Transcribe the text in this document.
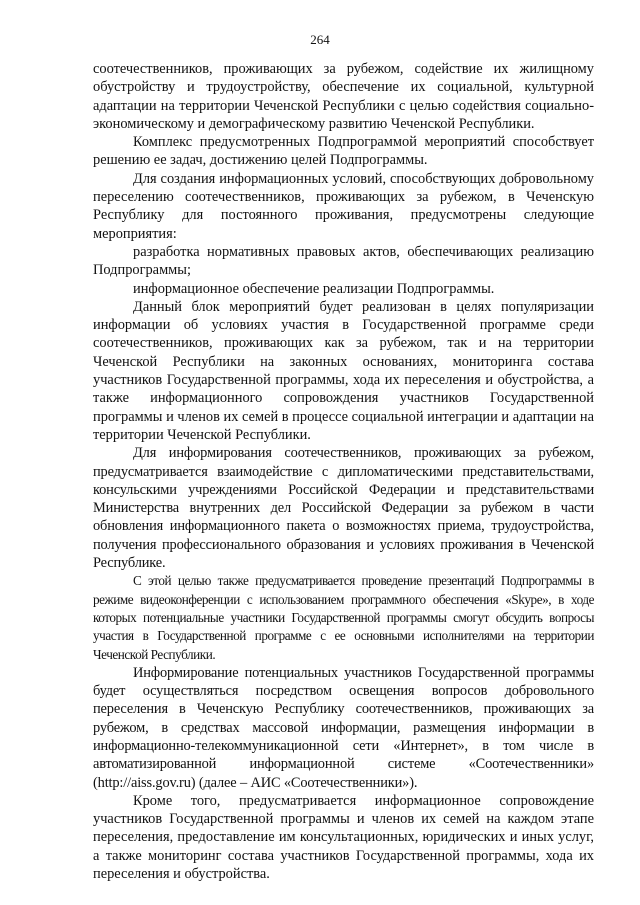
264

соотечественников, проживающих за рубежом, содействие их жилищному обустройству и трудоустройству, обеспечение их социальной, культурной адаптации на территории Чеченской Республики с целью содействия социально-экономическому и демографическому развитию Чеченской Республики.

Комплекс предусмотренных Подпрограммой мероприятий способствует решению ее задач, достижению целей Подпрограммы.

Для создания информационных условий, способствующих добровольному переселению соотечественников, проживающих за рубежом, в Чеченскую Республику для постоянного проживания, предусмотрены следующие мероприятия:

разработка нормативных правовых актов, обеспечивающих реализацию Подпрограммы;

информационное обеспечение реализации Подпрограммы.

Данный блок мероприятий будет реализован в целях популяризации информации об условиях участия в Государственной программе среди соотечественников, проживающих как за рубежом, так и на территории Чеченской Республики на законных основаниях, мониторинга состава участников Государственной программы, хода их переселения и обустройства, а также информационного сопровождения участников Государственной программы и членов их семей в процессе социальной интеграции и адаптации на территории Чеченской Республики.

Для информирования соотечественников, проживающих за рубежом, предусматривается взаимодействие с дипломатическими представительствами, консульскими учреждениями Российской Федерации и представительствами Министерства внутренних дел Российской Федерации за рубежом в части обновления информационного пакета о возможностях приема, трудоустройства, получения профессионального образования и условиях проживания в Чеченской Республике.

С этой целью также предусматривается проведение презентаций Подпрограммы в режиме видеоконференции с использованием программного обеспечения «Skype», в ходе которых потенциальные участники Государственной программы смогут обсудить вопросы участия в Государственной программе с ее основными исполнителями на территории Чеченской Республики.

Информирование потенциальных участников Государственной программы будет осуществляться посредством освещения вопросов добровольного переселения в Чеченскую Республику соотечественников, проживающих за рубежом, в средствах массовой информации, размещения информации в информационно-телекоммуникационной сети «Интернет», в том числе в автоматизированной информационной системе «Соотечественники» (http://aiss.gov.ru) (далее – АИС «Соотечественники»).

Кроме того, предусматривается информационное сопровождение участников Государственной программы и членов их семей на каждом этапе переселения, предоставление им консультационных, юридических и иных услуг, а также мониторинг состава участников Государственной программы, хода их переселения и обустройства.
